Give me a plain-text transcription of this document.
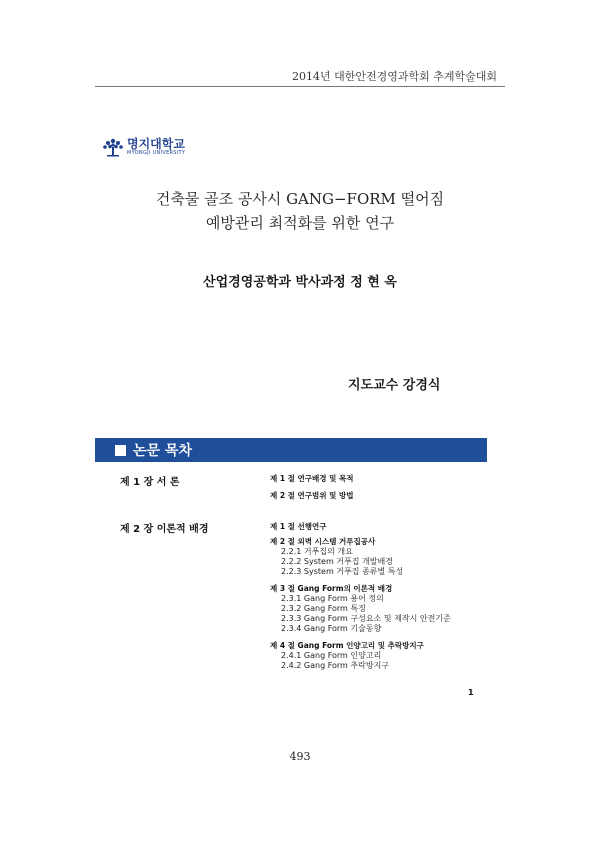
2014년 대한안전경영과학회 추계학술대회
명지대학교
MYONGJI UNIVERSITY
건축물 골조 공사시 GANG−FORM 떨어짐
예방관리 최적화를 위한 연구
산업경영공학과 박사과정 정 현 옥
지도교수 강경식
논문 목차
제 1 장 서 론	제 1 절 연구배경 및 목적
제 2 절 연구범위 및 방법
제 2 장 이론적 배경	제 1 절 선행연구
제 2 절 외벽 시스템 거푸집공사
2.2.1 거푸집의 개요
2.2.2 System 거푸집 개발배경
2.2.3 System 거푸집 종류별 특성
제 3 절 Gang Form의 이론적 배경
2.3.1 Gang Form 용어 정의
2.3.2 Gang Form 특징
2.3.3 Gang Form 구성요소 및 제작시 안전기준
2.3.4 Gang Form 기술동향
제 4 절 Gang Form 인양고리 및 추락방지구
2.4.1 Gang Form 인양고리
2.4.2 Gang Form 추락방지구
1
493
